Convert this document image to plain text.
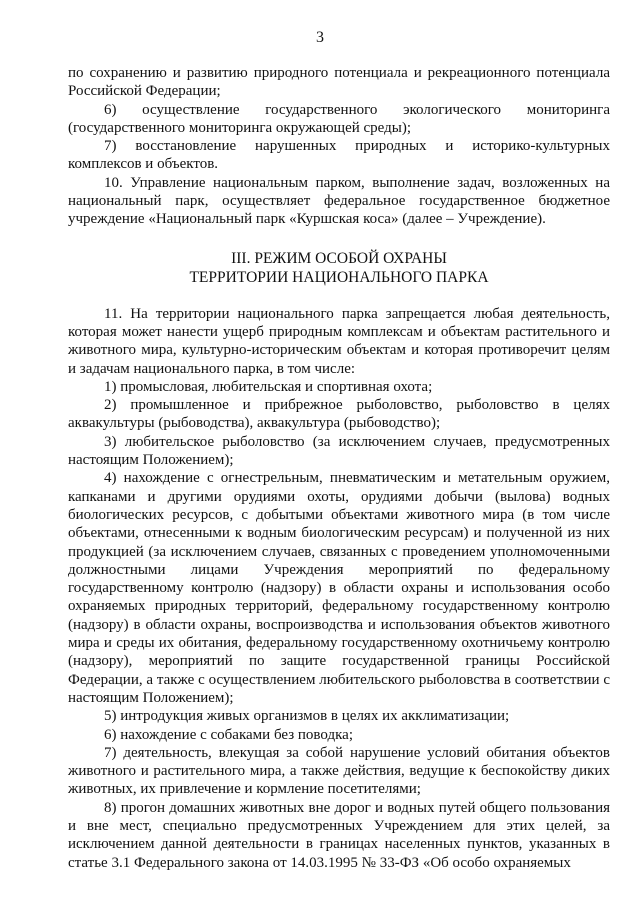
3

по сохранению и развитию природного потенциала и рекреационного потенциала Российской Федерации;

6) осуществление государственного экологического мониторинга (государственного мониторинга окружающей среды);

7) восстановление нарушенных природных и историко-культурных комплексов и объектов.

10. Управление национальным парком, выполнение задач, возложенных на национальный парк, осуществляет федеральное государственное бюджетное учреждение «Национальный парк «Куршская коса» (далее – Учреждение).

III. РЕЖИМ ОСОБОЙ ОХРАНЫ
ТЕРРИТОРИИ НАЦИОНАЛЬНОГО ПАРКА

11. На территории национального парка запрещается любая деятельность, которая может нанести ущерб природным комплексам и объектам растительного и животного мира, культурно-историческим объектам и которая противоречит целям и задачам национального парка, в том числе:

1) промысловая, любительская и спортивная охота;

2) промышленное и прибрежное рыболовство, рыболовство в целях аквакультуры (рыбоводства), аквакультура (рыбоводство);

3) любительское рыболовство (за исключением случаев, предусмотренных настоящим Положением);

4) нахождение с огнестрельным, пневматическим и метательным оружием, капканами и другими орудиями охоты, орудиями добычи (вылова) водных биологических ресурсов, с добытыми объектами животного мира (в том числе объектами, отнесенными к водным биологическим ресурсам) и полученной из них продукцией (за исключением случаев, связанных с проведением уполномоченными должностными лицами Учреждения мероприятий по федеральному государственному контролю (надзору) в области охраны и использования особо охраняемых природных территорий, федеральному государственному контролю (надзору) в области охраны, воспроизводства и использования объектов животного мира и среды их обитания, федеральному государственному охотничьему контролю (надзору), мероприятий по защите государственной границы Российской Федерации, а также с осуществлением любительского рыболовства в соответствии с настоящим Положением);

5) интродукция живых организмов в целях их акклиматизации;

6) нахождение с собаками без поводка;

7) деятельность, влекущая за собой нарушение условий обитания объектов животного и растительного мира, а также действия, ведущие к беспокойству диких животных, их привлечение и кормление посетителями;

8) прогон домашних животных вне дорог и водных путей общего пользования и вне мест, специально предусмотренных Учреждением для этих целей, за исключением данной деятельности в границах населенных пунктов, указанных в статье 3.1 Федерального закона от 14.03.1995 № 33-ФЗ «Об особо охраняемых
